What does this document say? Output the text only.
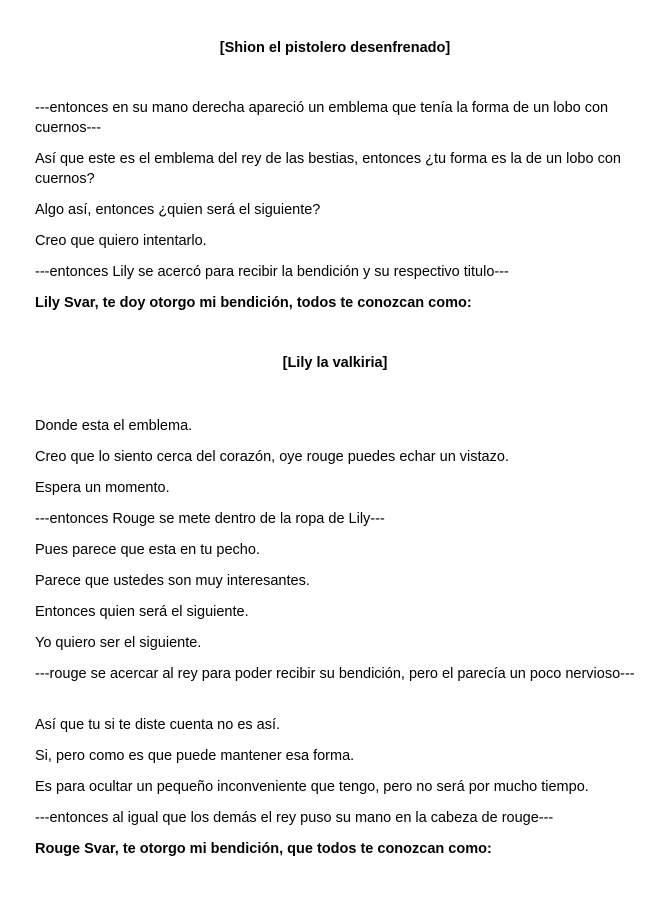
[Shion el pistolero desenfrenado]
---entonces en su mano derecha apareció un emblema que tenía la forma de un lobo con cuernos---
Así que este es el emblema del rey de las bestias, entonces ¿tu forma es la de un lobo con cuernos?
Algo así, entonces ¿quien será el siguiente?
Creo que quiero intentarlo.
---entonces Lily se acercó para recibir la bendición y su respectivo titulo---
Lily Svar, te doy otorgo mi bendición, todos te conozcan como:
[Lily la valkiria]
Donde esta el emblema.
Creo que lo siento cerca del corazón, oye rouge puedes echar un vistazo.
Espera un momento.
---entonces Rouge se mete dentro de la ropa de Lily---
Pues parece que esta en tu pecho.
Parece que ustedes son muy interesantes.
Entonces quien será el siguiente.
Yo quiero ser el siguiente.
---rouge se acercar al rey para poder recibir su bendición, pero el parecía un poco nervioso---
Así que tu si te diste cuenta no es así.
Si, pero como es que puede mantener esa forma.
Es para ocultar un pequeño inconveniente que tengo, pero no será por mucho tiempo.
---entonces al igual que los demás el rey puso su mano en la cabeza de rouge---
Rouge Svar, te otorgo mi bendición, que todos te conozcan como:
